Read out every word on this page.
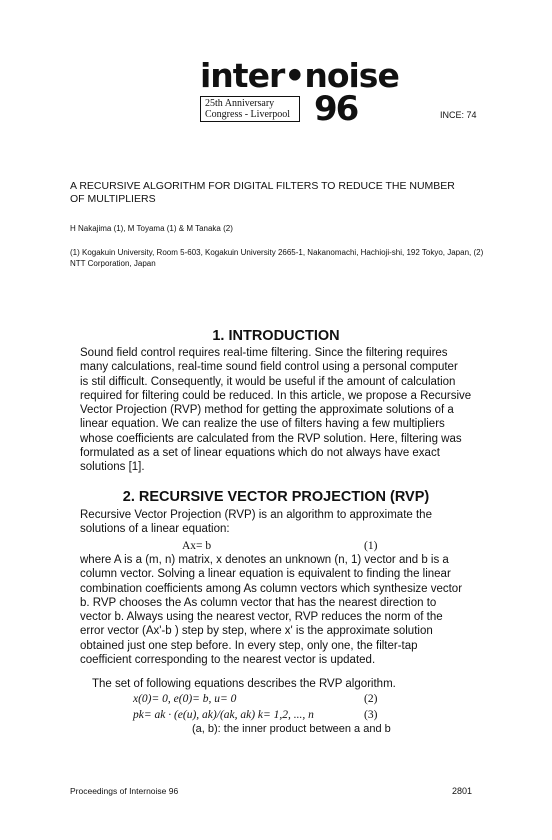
inter•noise
25th Anniversary
Congress - Liverpool 96	INCE: 74
A RECURSIVE ALGORITHM FOR DIGITAL FILTERS TO REDUCE THE NUMBER OF MULTIPLIERS
H Nakajima (1), M Toyama (1) & M Tanaka (2)
(1) Kogakuin University, Room 5-603, Kogakuin University 2665-1, Nakanomachi, Hachioji-shi, 192 Tokyo, Japan, (2) NTT Corporation, Japan
1. INTRODUCTION
Sound field control requires real-time filtering. Since the filtering requires
many calculations, real-time sound field control using a personal computer
is stil difficult. Consequently, it would be useful if the amount of calculation
required for filtering could be reduced. In this article, we propose a Recursive
Vector Projection (RVP) method for getting the approximate solutions of a
linear equation. We can realize the use of filters having a few multipliers
whose coefficients are calculated from the RVP solution. Here, filtering was
formulated as a set of linear equations which do not always have exact
solutions [1].
2. RECURSIVE VECTOR PROJECTION (RVP)
Recursive Vector Projection (RVP) is an algorithm to approximate the
solutions of a linear equation:
Ax= b	(1)
where A is a (m, n) matrix, x denotes an unknown (n, 1) vector and b is a
column vector. Solving a linear equation is equivalent to finding the linear
combination coefficients among As column vectors which synthesize vector
b. RVP chooses the As column vector that has the nearest direction to
vector b. Always using the nearest vector, RVP reduces the norm of the
error vector (Ax'-b ) step by step, where x' is the approximate solution
obtained just one step before. In every step, only one, the filter-tap
coefficient corresponding to the nearest vector is updated.
The set of following equations describes the RVP algorithm.
x(0)= 0, e(0)= b, u= 0	(2)
pk= ak · (e(u), ak)/(ak, ak) k= 1,2, ..., n	(3)
(a, b): the inner product between a and b
Proceedings of Internoise 96	2801
